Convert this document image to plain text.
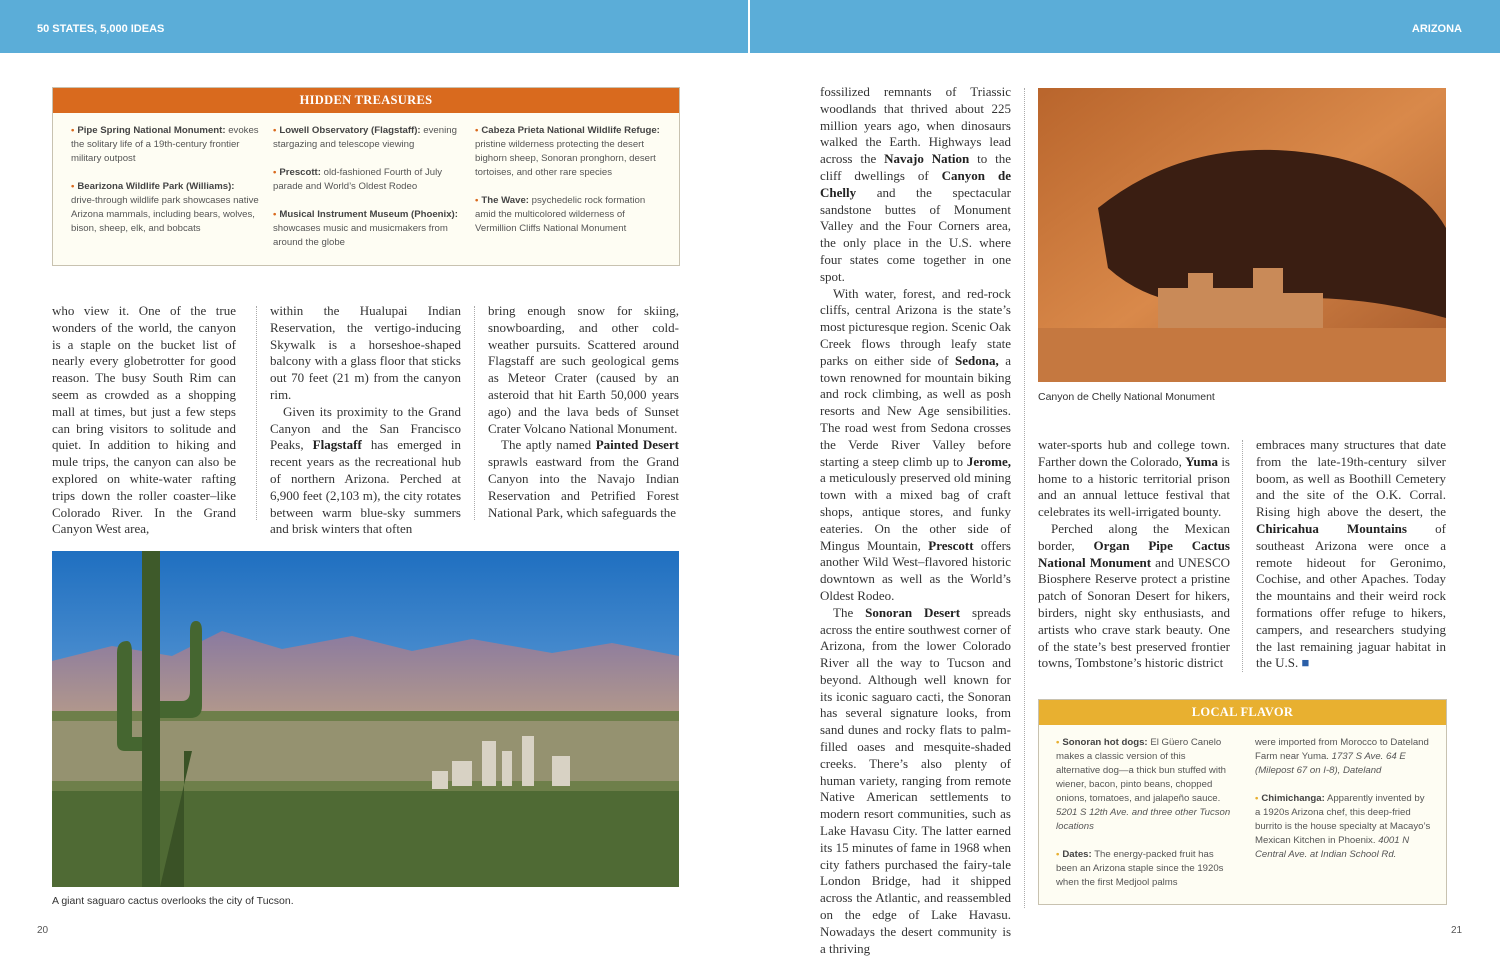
50 STATES, 5,000 IDEAS	ARIZONA
HIDDEN TREASURES
• Pipe Spring National Monument: evokes the solitary life of a 19th-century frontier military outpost
• Bearizona Wildlife Park (Williams): drive-through wildlife park showcases native Arizona mammals, including bears, wolves, bison, sheep, elk, and bobcats
• Lowell Observatory (Flagstaff): evening stargazing and telescope viewing
• Prescott: old-fashioned Fourth of July parade and World’s Oldest Rodeo
• Musical Instrument Museum (Phoenix): showcases music and musicmakers from around the globe
• Cabeza Prieta National Wildlife Refuge: pristine wilderness protecting the desert bighorn sheep, Sonoran pronghorn, desert tortoises, and other rare species
• The Wave: psychedelic rock formation amid the multicolored wilderness of Vermillion Cliffs National Monument

who view it. One of the true wonders of the world, the canyon is a staple on the bucket list of nearly every globetrotter for good reason. The busy South Rim can seem as crowded as a shopping mall at times, but just a few steps can bring visitors to solitude and quiet. In addition to hiking and mule trips, the canyon can also be explored on white-water rafting trips down the roller coaster–like Colorado River. In the Grand Canyon West area,

within the Hualupai Indian Reservation, the vertigo-inducing Skywalk is a horseshoe-shaped balcony with a glass floor that sticks out 70 feet (21 m) from the canyon rim.

Given its proximity to the Grand Canyon and the San Francisco Peaks, Flagstaff has emerged in recent years as the recreational hub of northern Arizona. Perched at 6,900 feet (2,103 m), the city rotates between warm blue-sky summers and brisk winters that often

bring enough snow for skiing, snowboarding, and other cold-weather pursuits. Scattered around Flagstaff are such geological gems as Meteor Crater (caused by an asteroid that hit Earth 50,000 years ago) and the lava beds of Sunset Crater Volcano National Monument.

The aptly named Painted Desert sprawls eastward from the Grand Canyon into the Navajo Indian Reservation and Petrified Forest National Park, which safeguards the

fossilized remnants of Triassic woodlands that thrived about 225 million years ago, when dinosaurs walked the Earth. Highways lead across the Navajo Nation to the cliff dwellings of Canyon de Chelly and the spectacular sandstone buttes of Monument Valley and the Four Corners area, the only place in the U.S. where four states come together in one spot.

With water, forest, and red-rock cliffs, central Arizona is the state’s most picturesque region. Scenic Oak Creek flows through leafy state parks on either side of Sedona, a town renowned for mountain biking and rock climbing, as well as posh resorts and New Age sensibilities. The road west from Sedona crosses the Verde River Valley before starting a steep climb up to Jerome, a meticulously preserved old mining town with a mixed bag of craft shops, antique stores, and funky eateries. On the other side of Mingus Mountain, Prescott offers another Wild West–flavored historic downtown as well as the World’s Oldest Rodeo.

The Sonoran Desert spreads across the entire southwest corner of Arizona, from the lower Colorado River all the way to Tucson and beyond. Although well known for its iconic saguaro cacti, the Sonoran has several signature looks, from sand dunes and rocky flats to palm-filled oases and mesquite-shaded creeks. There’s also plenty of human variety, ranging from remote Native American settlements to modern resort communities, such as Lake Havasu City. The latter earned its 15 minutes of fame in 1968 when city fathers purchased the fairy-tale London Bridge, had it shipped across the Atlantic, and reassembled on the edge of Lake Havasu. Nowadays the desert community is a thriving

water-sports hub and college town. Farther down the Colorado, Yuma is home to a historic territorial prison and an annual lettuce festival that celebrates its well-irrigated bounty.

Perched along the Mexican border, Organ Pipe Cactus National Monument and UNESCO Biosphere Reserve protect a pristine patch of Sonoran Desert for hikers, birders, night sky enthusiasts, and artists who crave stark beauty. One of the state’s best preserved frontier towns, Tombstone’s historic district

embraces many structures that date from the late-19th-century silver boom, as well as Boothill Cemetery and the site of the O.K. Corral. Rising high above the desert, the Chiricahua Mountains of southeast Arizona were once a remote hideout for Geronimo, Cochise, and other Apaches. Today the mountains and their weird rock formations offer refuge to hikers, campers, and researchers studying the last remaining jaguar habitat in the U.S. ■

A giant saguaro cactus overlooks the city of Tucson.
Canyon de Chelly National Monument
LOCAL FLAVOR
• Sonoran hot dogs: El Güero Canelo makes a classic version of this alternative dog—a thick bun stuffed with wiener, bacon, pinto beans, chopped onions, tomatoes, and jalapeño sauce. 5201 S 12th Ave. and three other Tucson locations
• Dates: The energy-packed fruit has been an Arizona staple since the 1920s when the first Medjool palms
were imported from Morocco to Dateland Farm near Yuma. 1737 S Ave. 64 E (Milepost 67 on I-8), Dateland
• Chimichanga: Apparently invented by a 1920s Arizona chef, this deep-fried burrito is the house specialty at Macayo’s Mexican Kitchen in Phoenix. 4001 N Central Ave. at Indian School Rd.
20	21
